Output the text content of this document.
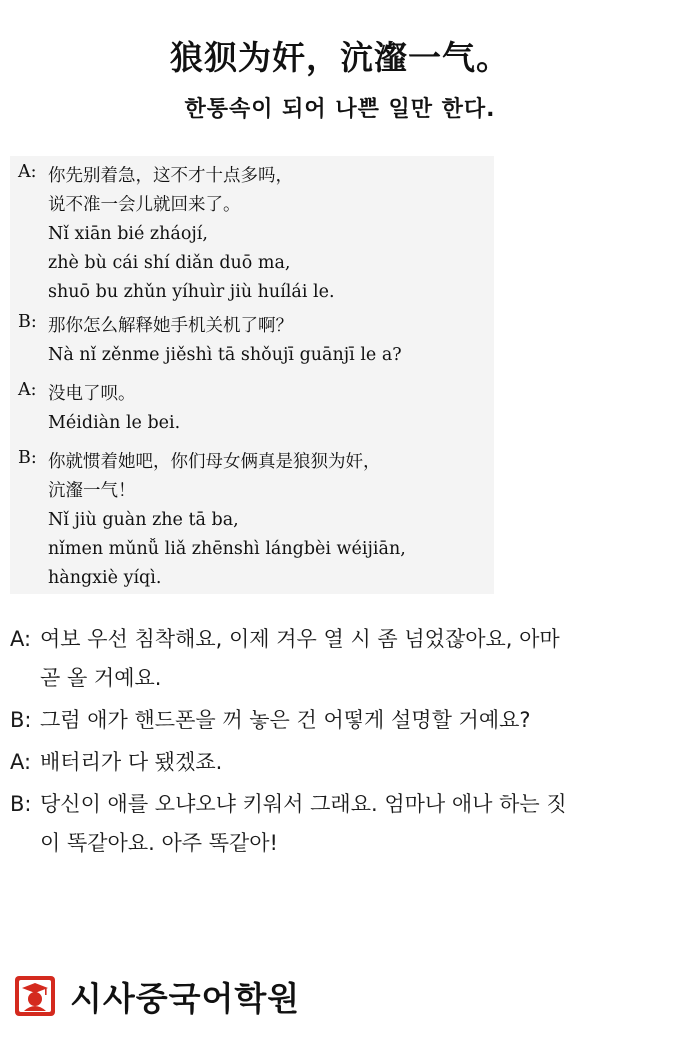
狼狈为奸，沆瀣一气。
한통속이 되어 나쁜 일만 한다.
A: 你先别着急，这不才十点多吗，
说不准一会儿就回来了。
Nǐ xiān bié zháojí,
zhè bù cái shí diǎn duō ma,
shuō bu zhǔn yíhuìr jiù huílái le.
B: 那你怎么解释她手机关机了啊？
Nà nǐ zěnme jiěshì tā shǒujī guānjī le a?
A: 没电了呗。
Méidiàn le bei.
B: 你就惯着她吧，你们母女俩真是狼狈为奸，
沆瀣一气！
Nǐ jiù guàn zhe tā ba,
nǐmen mǔnǚ liǎ zhēnshì lángbèi wéijiān,
hàngxiè yíqì.
A: 여보 우선 침착해요, 이제 겨우 열 시 좀 넘었잖아요, 아마
곧 올 거예요.
B: 그럼 애가 핸드폰을 꺼 놓은 건 어떻게 설명할 거예요?
A: 배터리가 다 됐겠죠.
B: 당신이 애를 오냐오냐 키워서 그래요. 엄마나 애나 하는 짓
이 똑같아요. 아주 똑같아!
시사중국어학원
